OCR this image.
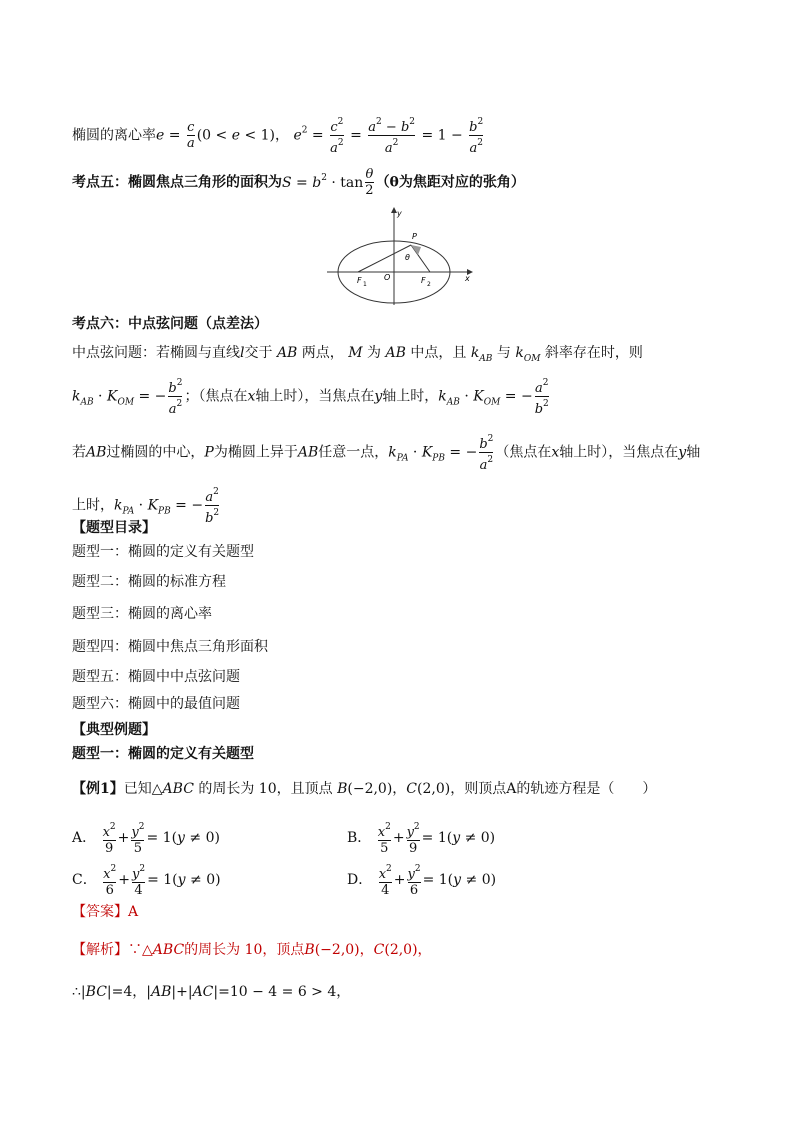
椭圆的离心率$e = \frac{c}{a} (0 < e < 1)$， $e^2 = \frac{c^2}{a^2} = \frac{a^2 - b^2}{a^2} = 1 - \frac{b^2}{a^2}$
考点五：椭圆焦点三角形的面积为$S = b^2 \cdot \tan \frac{\theta}{2} (\theta$为焦距对应的张角）
P
θ
O
y
x
F 1	F 2
考点六：中点弦问题（点差法）
中点弦问题：若椭圆与直线l交于 AB 两点， M 为 AB 中点，且 $k_{AB}$ 与 $k_{OM}$ 斜率存在时，则
$k_{AB} \cdot K_{OM}$ = − $\frac{b^2}{a^2}$ ；（焦点在x轴上时），当焦点在y轴上时，$k_{AB} \cdot K_{OM}$ = − $\frac{a^2}{b^2}$
若AB过椭圆的中心，P为椭圆上异于AB任意一点，$k_{PA} \cdot K_{PB}$ = − $\frac{b^2}{a^2}$ （焦点在x轴上时），当焦点在y轴
上时，$k_{PA} \cdot K_{PB}$ = − $\frac{a^2}{b^2}$
【题型目录】
题型一：椭圆的定义有关题型
题型二：椭圆的标准方程
题型三：椭圆的离心率
题型四：椭圆中焦点三角形面积
题型五：椭圆中中点弦问题
题型六：椭圆中的最值问题
【典型例题】
题型一：椭圆的定义有关题型
【例1】已知△ABC 的周长为 10，且顶点 B(−2,0)，C(2,0)，则顶点A的轨迹方程是（　　）
A． $\frac{x^2}{9} + \frac{y^2}{5} = 1(y \ne 0)$	B． $\frac{x^2}{5} + \frac{y^2}{9} = 1(y \ne 0)$
C． $\frac{x^2}{6} + \frac{y^2}{4} = 1(y \ne 0)$	D． $\frac{x^2}{4} + \frac{y^2}{6} = 1(y \ne 0)$
【答案】A
【解析】∵△ABC的周长为 10，顶点B(−2,0)，C(2,0)，
∴|BC|=4，|AB|+|AC|=10 − 4 = 6 > 4，
